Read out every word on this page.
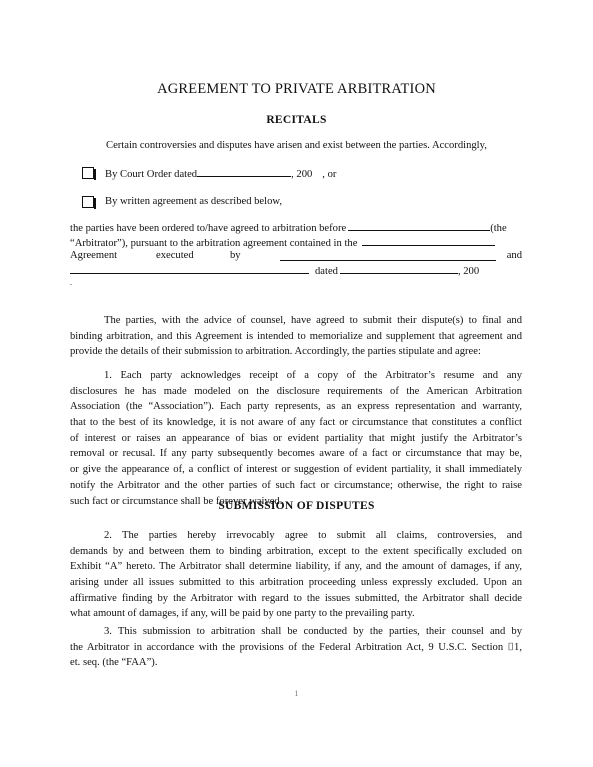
AGREEMENT TO PRIVATE ARBITRATION
RECITALS
Certain controversies and disputes have arisen and exist between the parties. Accordingly,
By Court Order dated	, 200 , or
By written agreement as described below,
the parties have been ordered to/have agreed to arbitration before	(the
“Arbitrator”), pursuant to the arbitration agreement contained in the
Agreement	executed	by	and
dated	, 200
.
The parties, with the advice of counsel, have agreed to submit their dispute(s) to final and
binding arbitration, and this Agreement is intended to memorialize and supplement that agreement and
provide the details of their submission to arbitration. Accordingly, the parties stipulate and agree:
1. Each party acknowledges receipt of a copy of the Arbitrator’s resume and any
disclosures he has made modeled on the disclosure requirements of the American Arbitration
Association (the “Association”). Each party represents, as an express representation and warranty,
that to the best of its knowledge, it is not aware of any fact or circumstance that constitutes a conflict
of interest or raises an appearance of bias or evident partiality that might justify the Arbitrator’s
removal or recusal. If any party subsequently becomes aware of a fact or circumstance that may be,
or give the appearance of, a conflict of interest or suggestion of evident partiality, it shall immediately
notify the Arbitrator and the other parties of such fact or circumstance; otherwise, the right to raise
such fact or circumstance shall be forever waived.
SUBMISSION OF DISPUTES
2. The parties hereby irrevocably agree to submit all claims, controversies, and
demands by and between them to binding arbitration, except to the extent specifically excluded on
Exhibit “A” hereto. The Arbitrator shall determine liability, if any, and the amount of damages, if any,
arising under all issues submitted to this arbitration proceeding unless expressly excluded. Upon an
affirmative finding by the Arbitrator with regard to the issues submitted, the Arbitrator shall decide
what amount of damages, if any, will be paid by one party to the prevailing party.
3. This submission to arbitration shall be conducted by the parties, their counsel and by
the Arbitrator in accordance with the provisions of the Federal Arbitration Act, 9 U.S.C. Section ⌷1,
et. seq. (the “FAA”).
1
